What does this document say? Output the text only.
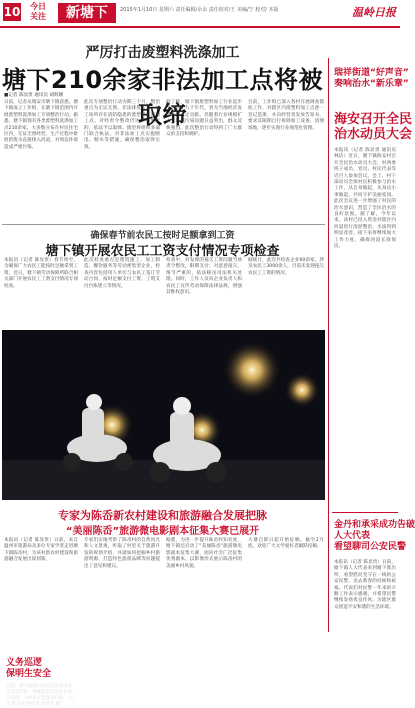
10 今日
关注	新塘下	2015年1月10日 星期六 责任编辑/余永 责任校对/王 美编/宁 校对/ 本版	温岭日报
严厉打击废塑料洗涤加工
塘下210余家非法加工点将被取缔
■记者 陈显贵 通讯员 胡辉刚
日前，记者从瑞安市塘下镇获悉，塘下镇成立工作组，在塘下镇范围内开展废塑料洗涤加工专项整治行动。据悉，塘下镇现有各类废塑料洗涤加工点210余家，大多数分布在村民住宅区内，无证无照经营，生产过程中排放的废水直接排入河道，对周边环境造成严重污染。
此次专项整治行动为期三个月，整治重点为无证无照、非法排放污水、加工场所存在消防隐患的废塑料洗涤加工点。对经责令整改仍达不到要求的，依法予以取缔。镇里将组织多部门联合执法，对非法加工点实施断电、断水等措施，确保整治取得实效。
据了解，塘下镇废塑料加工行业起步于上世纪九十年代，曾为当地经济发展作出一定贡献。但随着行业规模扩大，环境污染问题日益突出，群众反映强烈。此次整治行动得到了广大群众的支持和拥护。
目前，工作组已深入各村开展调查摸底工作，对辖区内废塑料加工点逐一登记造册，并向经营者发放告知书，要求其限期自行拆除加工设备，清理场地，逐步实现行业规范化管理。
确保春节前农民工按时足额拿到工资
塘下镇开展农民工工资支付情况专项检查
本报讯（记者 陈显贵）春节将至，为确保广大农民工能按时足额拿到工资，近日，塘下镇劳动保障所联合相关部门开展农民工工资支付情况专项检查。
此次检查重点是建筑施工、加工制造、餐饮服务等劳动密集型企业，检查内容包括用人单位与农民工签订劳动合同、按时足额支付工资、工资支付台账建立等情况。
检查中，对发现的拖欠工资问题当场责令整改，限期支付；对恶意拖欠、情节严重的，依法移送司法机关处理。同时，工作人员向企业负责人和农民工宣传劳动保障法律法规，增强其维权意识。
据统计，此次共检查企业60余家，涉及农民工3000余人，目前未发现拖欠农民工工资的情况。
义务巡逻
保明生安全
日前，塘下镇鲍田村的志愿者组成义务巡逻队，每晚骑着电动车在村内巡逻，为村民安全保驾护航。（记者 陈显贵 通讯员 项建华 摄）
专家为陈岙新农村建设和旅游融合发展把脉
“美丽陈岙”旅游微电影剧本征集大赛已展开
本报讯（记者 陈显贵）日前，来自温州市旅游局及多位专家学者走进塘下镇陈岙村，为该村新农村建设和旅游融合发展出谋划策。
专家们实地考察了陈岙村的自然风光和人文景观，听取了村里关于旅游开发的规划介绍，并就如何挖掘乡村旅游资源、打造特色旅游品牌等问题提出了意见和建议。
据悉，为进一步提升陈岙村知名度，塘下镇还启动了“美丽陈岙”旅游微电影剧本征集大赛，面向社会广泛征集优秀剧本，以影像形式展示陈岙村的美丽乡村风貌。
大赛自即日起开始征稿，截至2月底，欢迎广大文学爱好者踊跃投稿。
瑞祥街道“好声音”
奏响治水“新乐章”
海安召开全民
治水动员大会
本报讯（记者 陈显贵 通讯员 林洁）近日，塘下镇海安村召开全民治水动员大会，村两委班子成员、党员、村民代表等近百人参加会议。会上，村干部动员全体村民积极参与治水工作，从自身做起，从身边小事做起，共同守护美丽家园。此次会议进一步增强了村民的治水意识，营造了全民治水的良好氛围。据了解，今年以来，该村已投入资金对辖区内河道进行清淤整治，水质得到明显改善。接下来将继续加大工作力度，确保河道长效保洁。
金丹和承采成功告破
人大代表
看望聊司公安民警
本报讯（记者 陈显贵）日前，塘下镇人大代表来到塘下派出所，看望慰问坚守在一线的公安民警，送去新春的问候和祝福。代表们对民警一年来的辛勤工作表示感谢，并希望民警继续发扬优良作风，为辖区群众创造平安和谐的生活环境。
